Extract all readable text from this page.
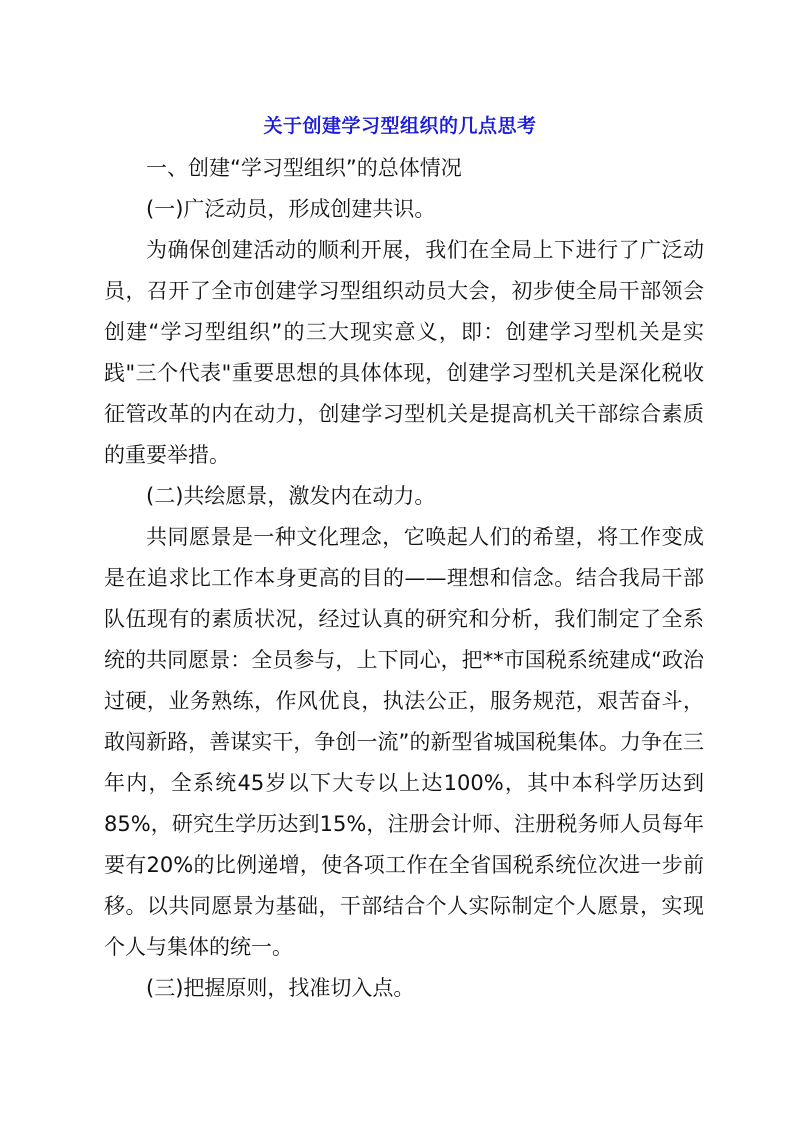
关于创建学习型组织的几点思考

一、创建“学习型组织”的总体情况

(一)广泛动员，形成创建共识。

为确保创建活动的顺利开展，我们在全局上下进行了广泛动员，召开了全市创建学习型组织动员大会，初步使全局干部领会创建“学习型组织”的三大现实意义，即：创建学习型机关是实践"三个代表"重要思想的具体体现，创建学习型机关是深化税收征管改革的内在动力，创建学习型机关是提高机关干部综合素质的重要举措。

(二)共绘愿景，激发内在动力。

共同愿景是一种文化理念，它唤起人们的希望，将工作变成是在追求比工作本身更高的目的——理想和信念。结合我局干部队伍现有的素质状况，经过认真的研究和分析，我们制定了全系统的共同愿景：全员参与，上下同心，把**市国税系统建成“政治过硬，业务熟练，作风优良，执法公正，服务规范，艰苦奋斗，敢闯新路，善谋实干，争创一流”的新型省城国税集体。力争在三年内，全系统45岁以下大专以上达100%，其中本科学历达到85%，研究生学历达到15%，注册会计师、注册税务师人员每年要有20%的比例递增，使各项工作在全省国税系统位次进一步前移。以共同愿景为基础，干部结合个人实际制定个人愿景，实现个人与集体的统一。

(三)把握原则，找准切入点。
